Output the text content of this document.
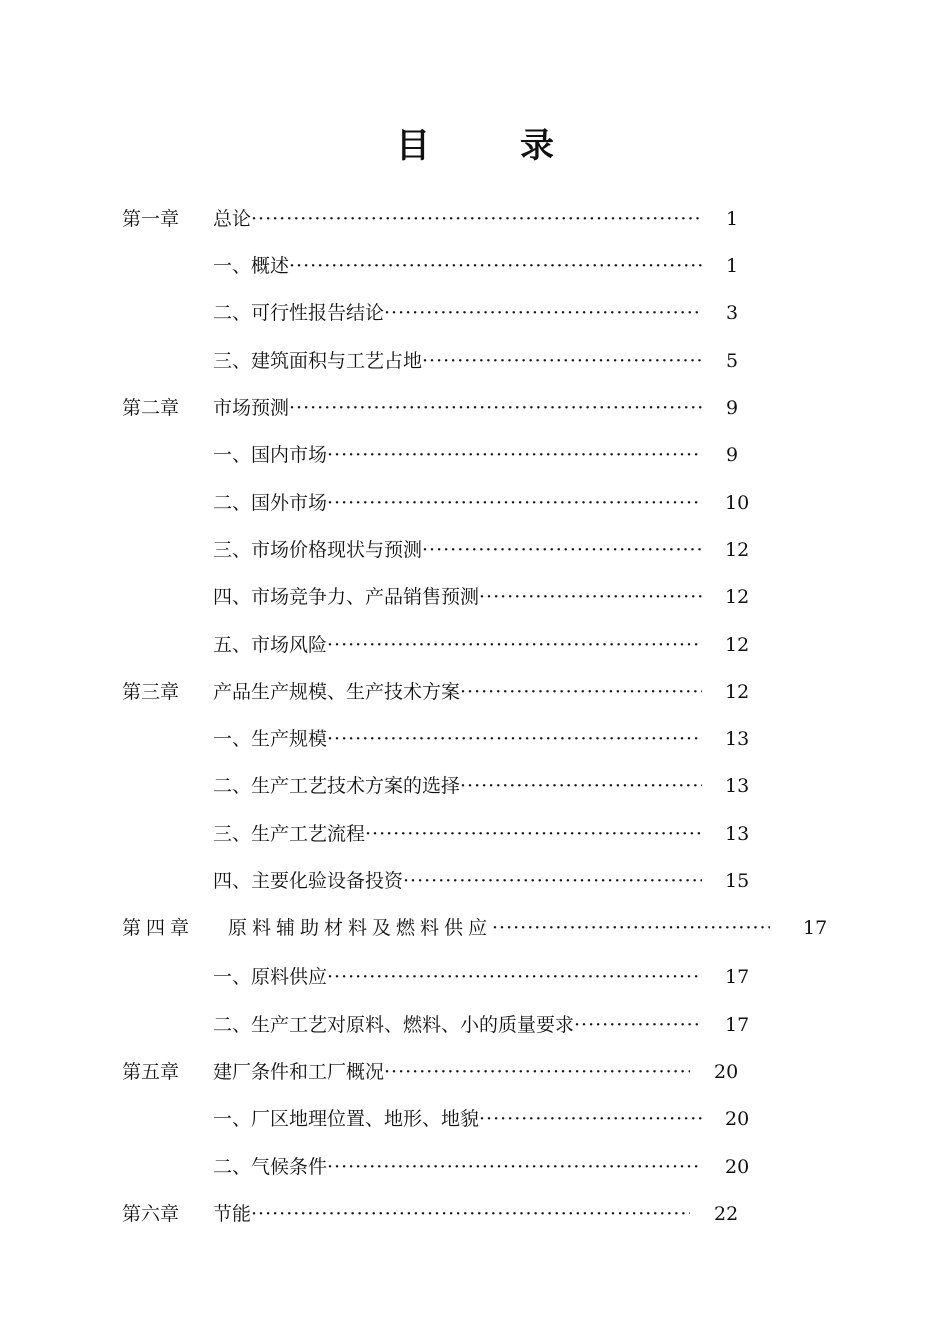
目　录
第一章 总论 ·····	1
一、概述 ·····	1
二、可行性报告结论 ·····	3
三、建筑面积与工艺占地 ·····	5
第二章 市场预测 ·····	9
一、国内市场 ·····	9
二、国外市场 ·····	10
三、市场价格现状与预测 ·····	12
四、市场竞争力、产品销售预测 ·····	12
五、市场风险 ·····	12
第三章 产品生产规模、生产技术方案 ·····	12
一、生产规模 ·····	13
二、生产工艺技术方案的选择 ·····	13
三、生产工艺流程 ·····	13
四、主要化验设备投资 ·····	15
第四章 原料辅助材料及燃料供应 ·····	17
一、原料供应 ·····	17
二、生产工艺对原料、燃料、小的质量要求 ·····	17
第五章 建厂条件和工厂概况 ·····	20
一、厂区地理位置、地形、地貌 ·····	20
二、气候条件 ·····	20
第六章 节能 ·····	22
